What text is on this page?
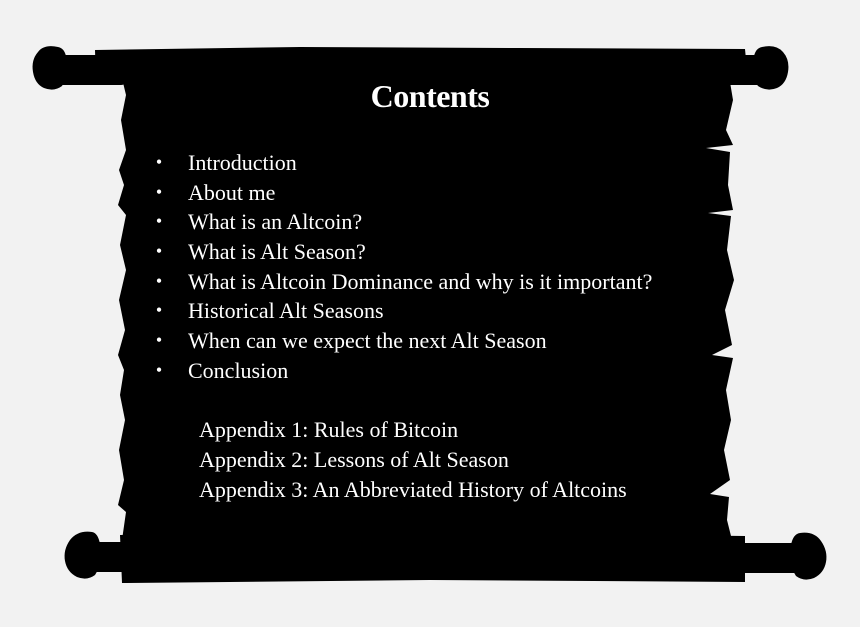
Contents
• Introduction
• About me
• What is an Altcoin?
• What is Alt Season?
• What is Altcoin Dominance and why is it important?
• Historical Alt Seasons
• When can we expect the next Alt Season
• Conclusion
Appendix 1: Rules of Bitcoin
Appendix 2: Lessons of Alt Season
Appendix 3: An Abbreviated History of Altcoins
